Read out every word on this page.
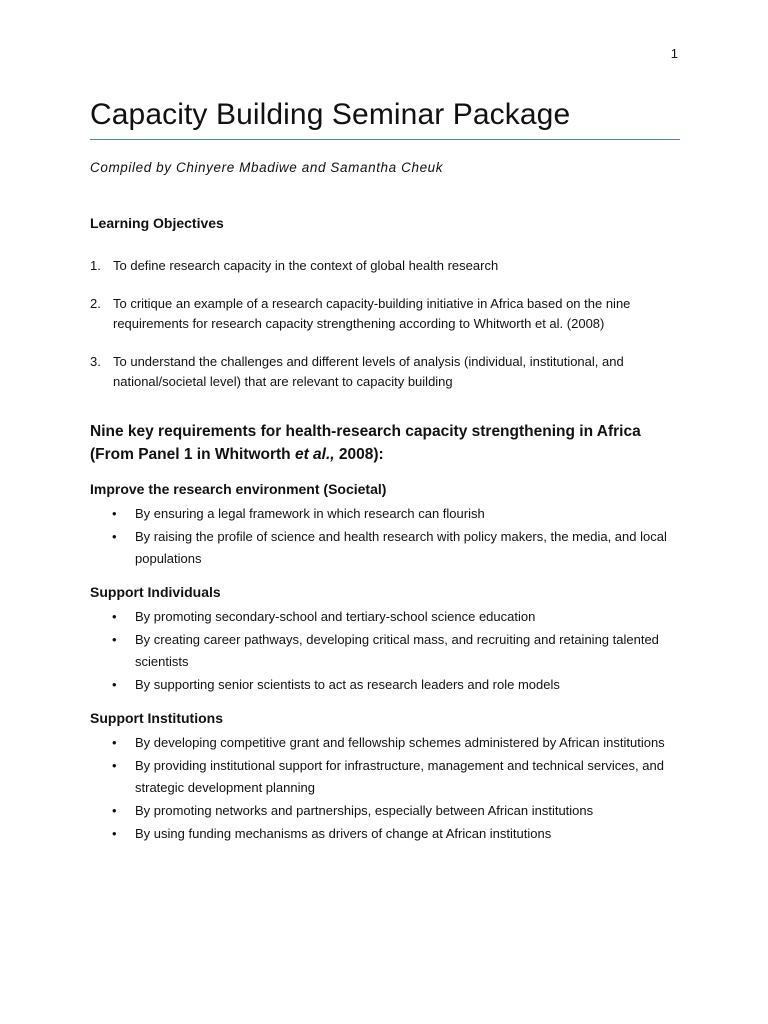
1
Capacity Building Seminar Package
Compiled by Chinyere Mbadiwe and Samantha Cheuk
Learning Objectives
1. To define research capacity in the context of global health research
2. To critique an example of a research capacity-building initiative in Africa based on the nine requirements for research capacity strengthening according to Whitworth et al. (2008)
3. To understand the challenges and different levels of analysis (individual, institutional, and national/societal level) that are relevant to capacity building
Nine key requirements for health-research capacity strengthening in Africa
(From Panel 1 in Whitworth et al., 2008):
Improve the research environment (Societal)
• By ensuring a legal framework in which research can flourish
• By raising the profile of science and health research with policy makers, the media, and local populations
Support Individuals
• By promoting secondary-school and tertiary-school science education
• By creating career pathways, developing critical mass, and recruiting and retaining talented scientists
• By supporting senior scientists to act as research leaders and role models
Support Institutions
• By developing competitive grant and fellowship schemes administered by African institutions
• By providing institutional support for infrastructure, management and technical services, and strategic development planning
• By promoting networks and partnerships, especially between African institutions
• By using funding mechanisms as drivers of change at African institutions
